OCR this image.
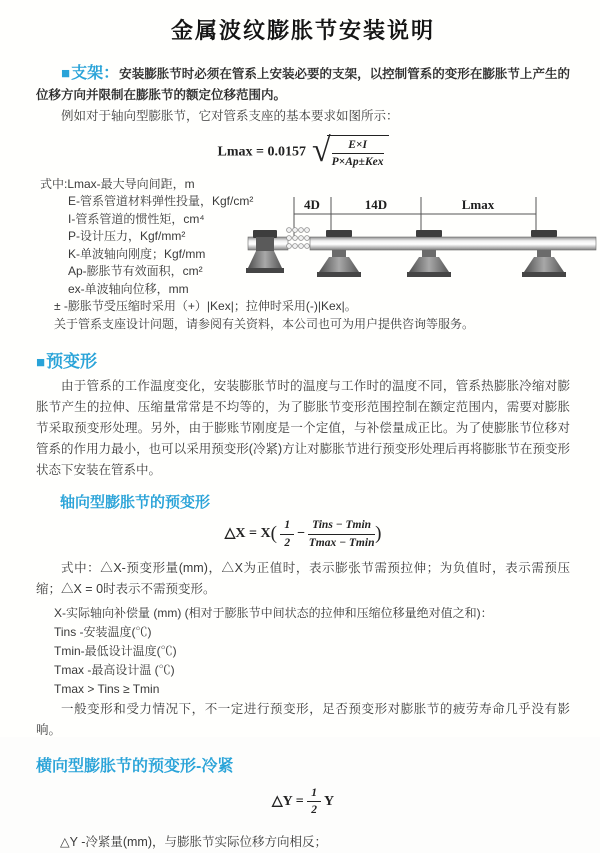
金属波纹膨胀节安装说明

■支架：安装膨胀节时必须在管系上安装必要的支架，以控制管系的变形在膨胀节上产生的位移方向并限制在膨胀节的额定位移范围内。

例如对于轴向型膨胀节，它对管系支座的基本要求如图所示：

Lmax = 0.0157 √ $\frac{E\times I}{\text{P×Ap±Kex}}$
式中:Lmax-最大导向间距，m
E-管系管道材料弹性投量，Kgf/cm²
I-管系管道的惯性矩，cm⁴
P-设计压力，Kgf/mm²
K-单波轴向刚度；Kgf/mm
Ap-膨胀节有效面积，cm²
ex-单波轴向位移，mm
± -膨胀节受压缩时采用（+）|Kex|；拉伸时采用(-)|Kex|。
关于管系支座设计问题，请参阅有关资料，本公司也可为用户提供咨询等服务。
■预变形

由于管系的工作温度变化，安装膨胀节时的温度与工作时的温度不同，管系热膨胀冷缩对膨胀节产生的拉伸、压缩量常常是不均等的，为了膨胀节变形范围控制在额定范围内，需要对膨胀节采取预变形处理。另外，由于膨账节刚度是一个定值，与补偿量成正比。为了使膨胀节位移对管系的作用力最小，也可以采用预变形(冷紧)方让对膨胀节进行预变形处理后再将膨胀节在预变形状态下安装在管系中。

轴向型膨胀节的预变形
△X = $X( \frac{1}{2} - \frac{\text{Tins − Tmin}}{Tmax - Tmin}$ )

式中：△X-预变形量(mm)，△X为正值时，表示膨张节需预拉伸；为负值时，表示需预压缩；△X = 0时表示不需预变形。

X-实际轴向补偿量 (mm) (相对于膨胀节中间状态的拉伸和压缩位移量绝对值之和)：
Tins -安装温度(℃)
Tmin-最低设计温度(℃)
Tmax -最高设计温 (℃)
Tmax > Tins ≥ Tmin

一般变形和受力情况下，不一定进行预变形，足否预变形对膨胀节的疲劳寿命几乎没有影响。

横向型膨胀节的预变形-冷紧
△Y = $\frac{1}{2}$ Y

△Y -冷紧量(mm)，与膨胀节实际位移方向相反；

4D	14D	Lmax
